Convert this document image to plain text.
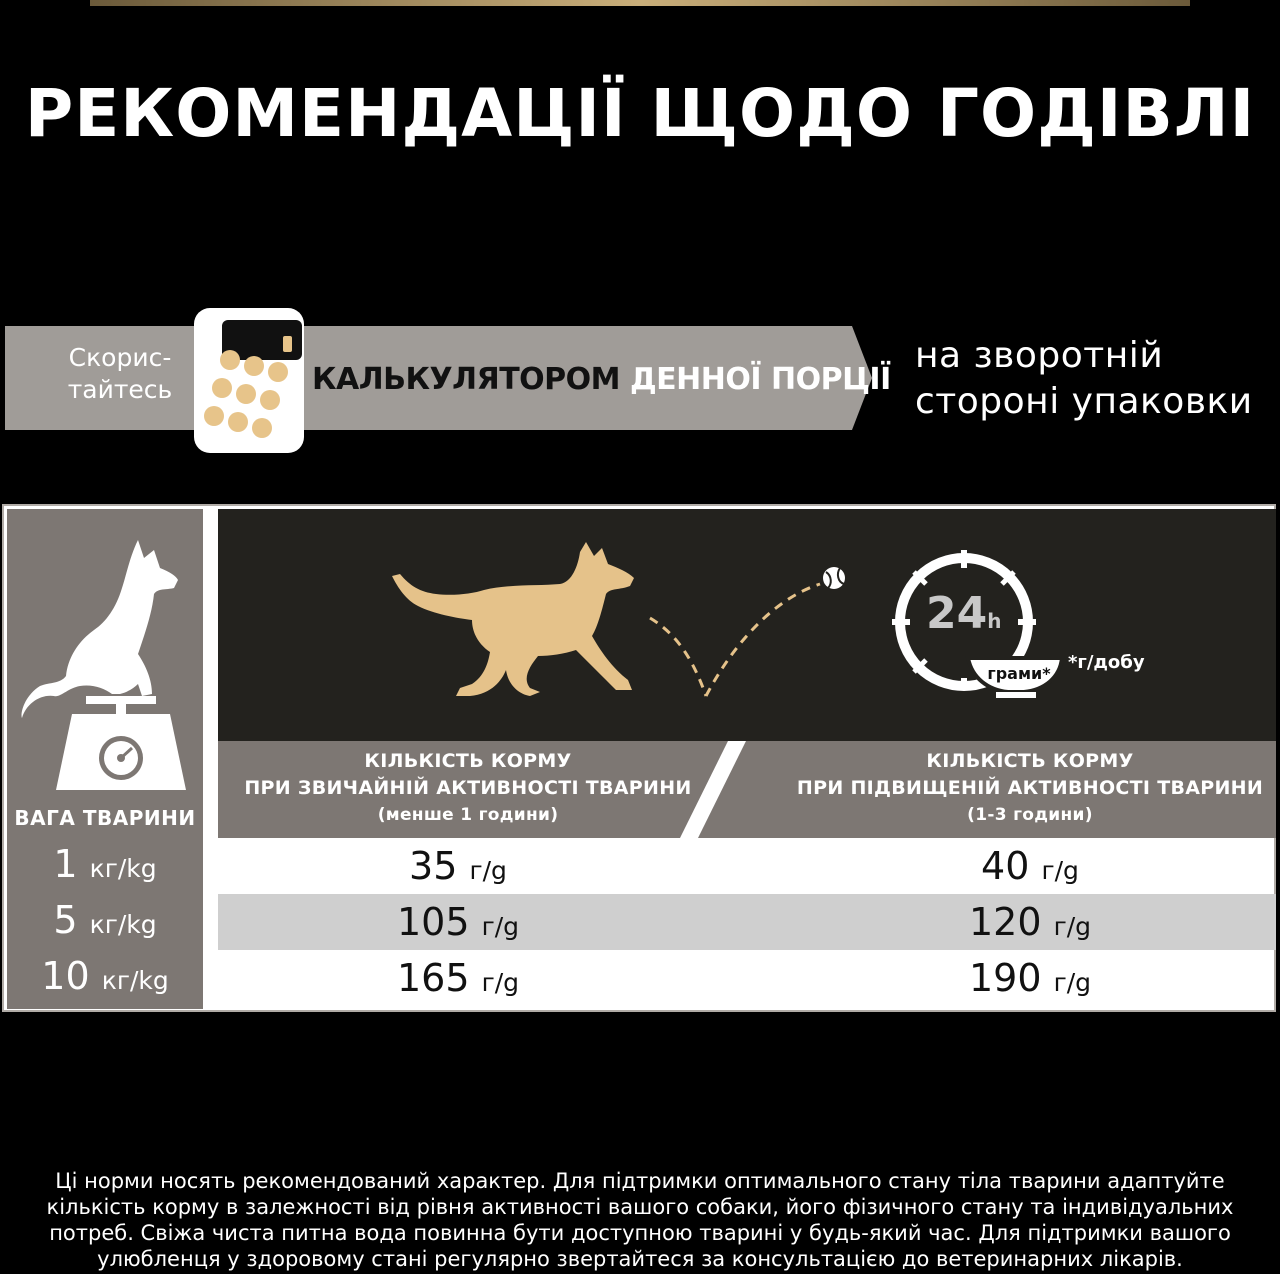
РЕКОМЕНДАЦІЇ ЩОДО ГОДІВЛІ
Скорис-
тайтесь	КАЛЬКУЛЯТОРОМ ДЕННОЇ ПОРЦІЇ
на зворотній
стороні упаковки
24h
грами*
*г/добу
КІЛЬКІСТЬ КОРМУ
ПРИ ЗВИЧАЙНІЙ АКТИВНОСТІ ТВАРИНИ
(менше 1 години)
КІЛЬКІСТЬ КОРМУ
ПРИ ПІДВИЩЕНІЙ АКТИВНОСТІ ТВАРИНИ
(1-3 години)
ВАГА ТВАРИНИ
1 кг/kg
5 кг/kg
10 кг/kg
35 г/g
105 г/g
165 г/g
40 г/g
120 г/g
190 г/g
Ці норми носять рекомендований характер. Для підтримки оптимального стану тіла тварини адаптуйте кількість корму в залежності від рівня активності вашого собаки, його фізичного стану та індивідуальних потреб. Свіжа чиста питна вода повинна бути доступною тварині у будь-який час. Для підтримки вашого улюбленця у здоровому стані регулярно звертайтеся за консультацією до ветеринарних лікарів.
